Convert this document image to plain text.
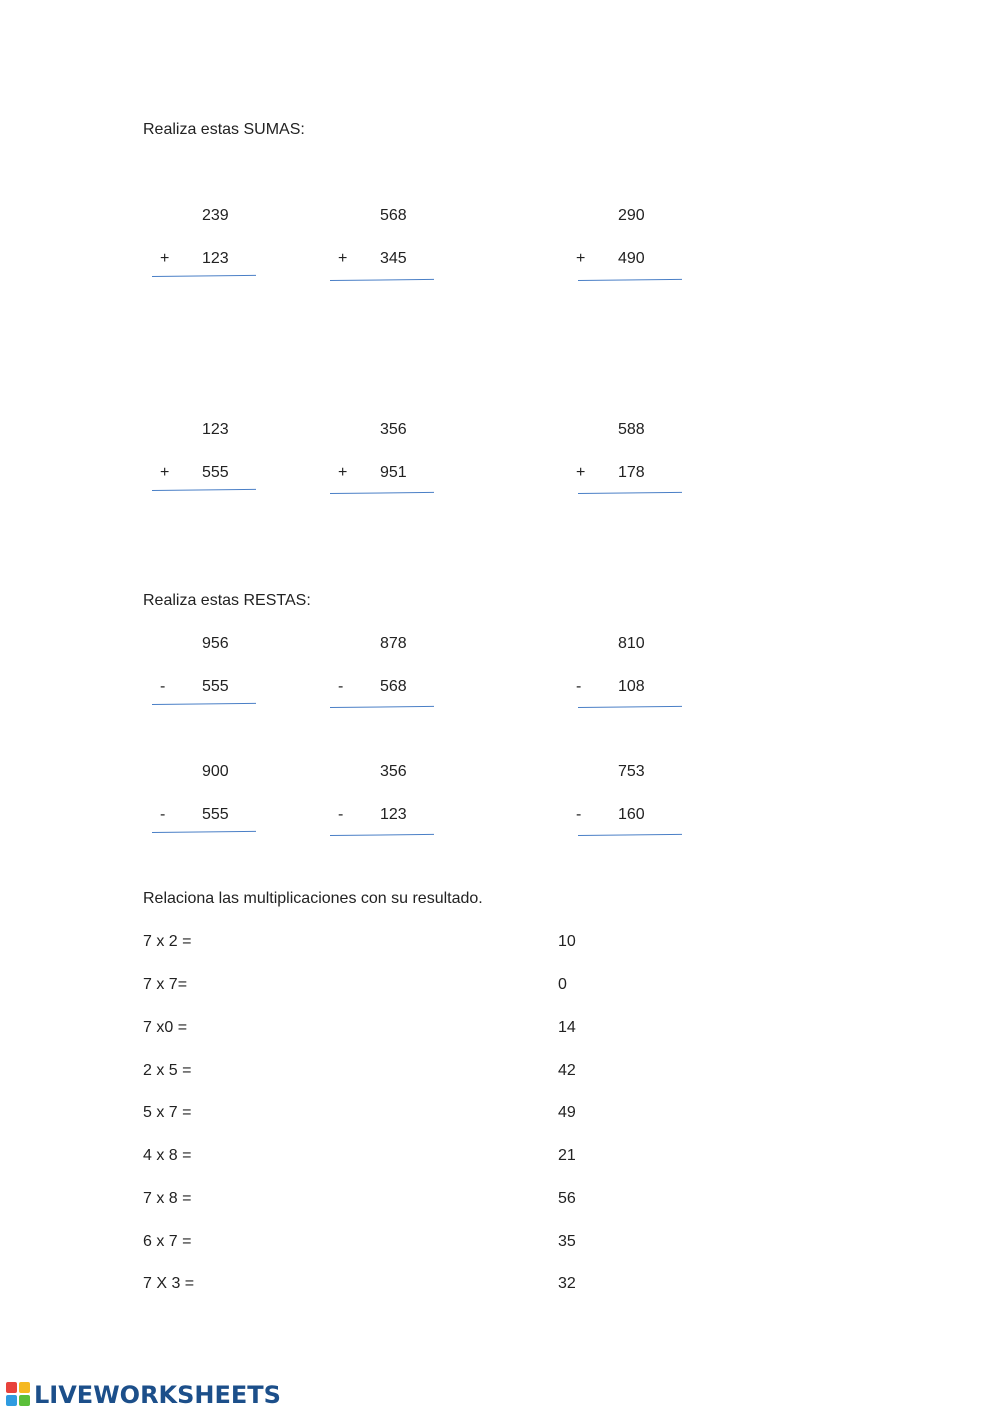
Realiza estas SUMAS:
239
+ 123
568
+ 345
290
+ 490
123
+ 555
356
+ 951
588
+ 178
Realiza estas RESTAS:
956
- 555
878
- 568
810
- 108
900
- 555
356
- 123
753
- 160
Relaciona las multiplicaciones con su resultado.
7 x 2 =
7 x 7=
7 x0 =
2 x 5 =
5 x 7 =
4 x 8 =
7 x 8 =
6 x 7 =
7 X 3 =
10
0
14
42
49
21
56
35
32
LIVEWORKSHEETS
